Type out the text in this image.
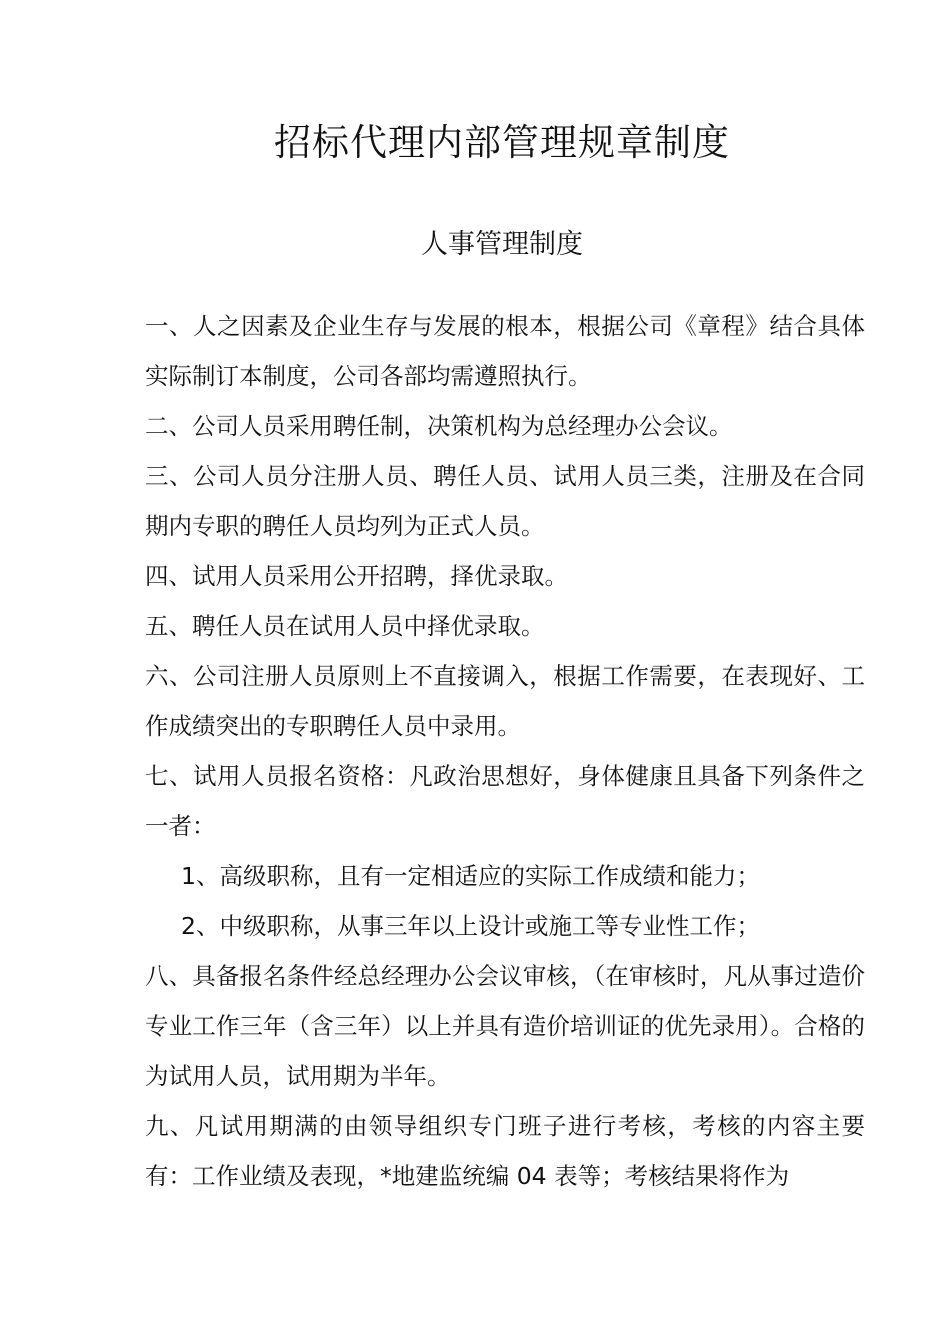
招标代理内部管理规章制度
人事管理制度

一、人之因素及企业生存与发展的根本，根据公司《章程》结合具体实际制订本制度，公司各部均需遵照执行。

二、公司人员采用聘任制，决策机构为总经理办公会议。

三、公司人员分注册人员、聘任人员、试用人员三类，注册及在合同期内专职的聘任人员均列为正式人员。

四、试用人员采用公开招聘，择优录取。

五、聘任人员在试用人员中择优录取。

六、公司注册人员原则上不直接调入，根据工作需要，在表现好、工作成绩突出的专职聘任人员中录用。

七、试用人员报名资格：凡政治思想好，身体健康且具备下列条件之一者：

1、高级职称，且有一定相适应的实际工作成绩和能力；

2、中级职称，从事三年以上设计或施工等专业性工作；

八、具备报名条件经总经理办公会议审核，（在审核时，凡从事过造价专业工作三年（含三年）以上并具有造价培训证的优先录用）。合格的为试用人员，试用期为半年。

九、凡试用期满的由领导组织专门班子进行考核，考核的内容主要有：工作业绩及表现，*地建监统编 04 表等；考核结果将作为
